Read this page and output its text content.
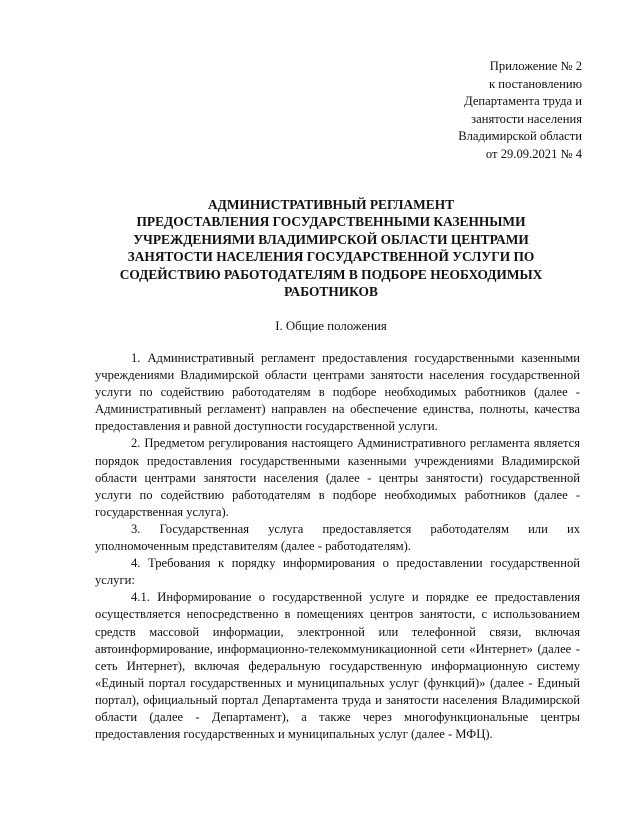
Приложение № 2
к постановлению
Департамента труда и
занятости населения
Владимирской области
от 29.09.2021 № 4
АДМИНИСТРАТИВНЫЙ РЕГЛАМЕНТ
ПРЕДОСТАВЛЕНИЯ ГОСУДАРСТВЕННЫМИ КАЗЕННЫМИ
УЧРЕЖДЕНИЯМИ ВЛАДИМИРСКОЙ ОБЛАСТИ ЦЕНТРАМИ
ЗАНЯТОСТИ НАСЕЛЕНИЯ ГОСУДАРСТВЕННОЙ УСЛУГИ ПО
СОДЕЙСТВИЮ РАБОТОДАТЕЛЯМ В ПОДБОРЕ НЕОБХОДИМЫХ
РАБОТНИКОВ
I. Общие положения

1. Административный регламент предоставления государственными казенными учреждениями Владимирской области центрами занятости населения государственной услуги по содействию работодателям в подборе необходимых работников (далее - Административный регламент) направлен на обеспечение единства, полноты, качества предоставления и равной доступности государственной услуги.

2. Предметом регулирования настоящего Административного регламента является порядок предоставления государственными казенными учреждениями Владимирской области центрами занятости населения (далее - центры занятости) государственной услуги по содействию работодателям в подборе необходимых работников (далее - государственная услуга).

3. Государственная услуга предоставляется работодателям или их уполномоченным представителям (далее - работодателям).

4. Требования к порядку информирования о предоставлении государственной услуги:

4.1. Информирование о государственной услуге и порядке ее предоставления осуществляется непосредственно в помещениях центров занятости, с использованием средств массовой информации, электронной или телефонной связи, включая автоинформирование, информационно-телекоммуникационной сети «Интернет» (далее - сеть Интернет), включая федеральную государственную информационную систему «Единый портал государственных и муниципальных услуг (функций)» (далее - Единый портал), официальный портал Департамента труда и занятости населения Владимирской области (далее - Департамент), а также через многофункциональные центры предоставления государственных и муниципальных услуг (далее - МФЦ).
